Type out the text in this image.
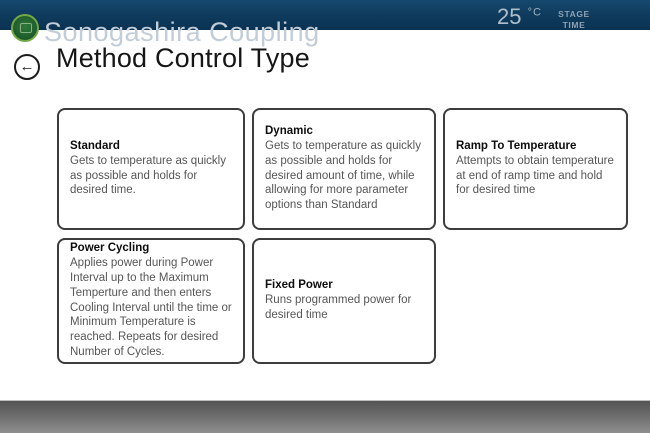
Sonogashira Coupling
25 $^{^\circ C}$	STAGE
TIME
← Method Control Type
Standard
Gets to temperature as quickly as possible and holds for desired time.
Dynamic
Gets to temperature as quickly as possible and holds for desired amount of time, while allowing for more parameter options than Standard
Ramp To Temperature
Attempts to obtain temperature at end of ramp time and hold for desired time
Power Cycling
Applies power during Power Interval up to the Maximum Temperture and then enters Cooling Interval until the time or Minimum Temperature is reached. Repeats for desired Number of Cycles.
Fixed Power
Runs programmed power for desired time
